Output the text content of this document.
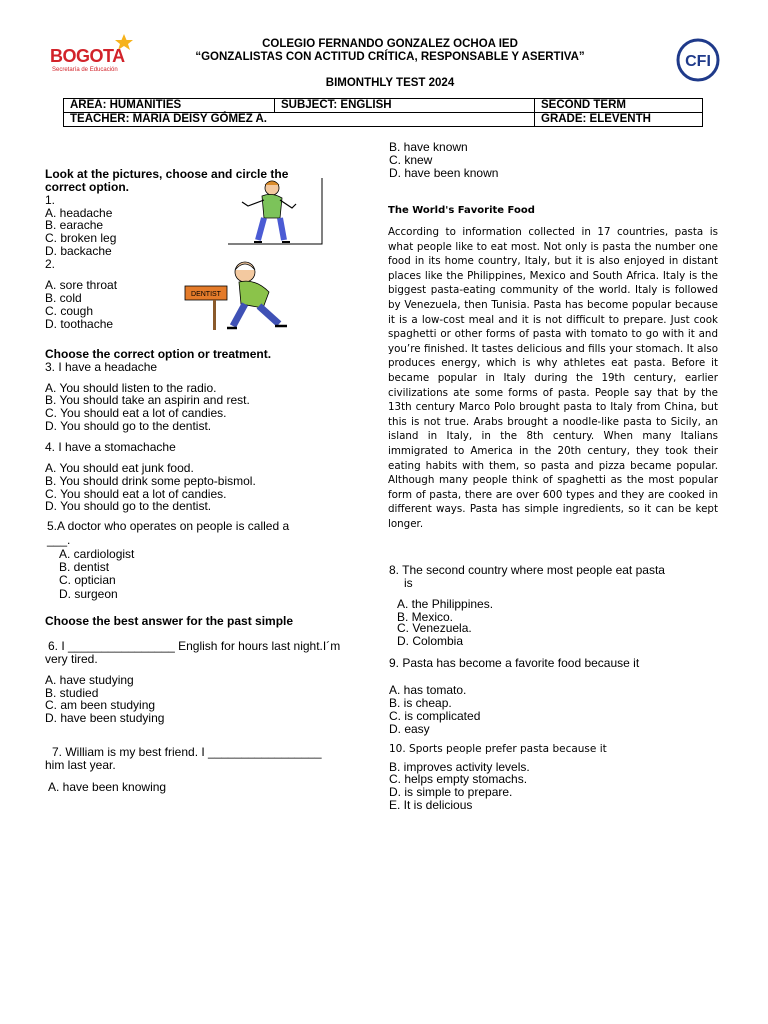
BOGOTA
Secretaría de Educación	CFI
COLEGIO FERNANDO GONZALEZ OCHOA IED
“GONZALISTAS CON ACTITUD CRÍTICA, RESPONSABLE Y ASERTIVA”
BIMONTHLY TEST 2024
AREA: HUMANITIES	SUBJECT: ENGLISH	SECOND TERM
TEACHER: MARIA DEISY GÓMEZ A.		GRADE: ELEVENTH
Look at the pictures, choose and circle the
correct option.
1.
A. headache
B. earache
C. broken leg
D. backache
2.
A. sore throat
B. cold
C. cough
D. toothache
DENTIST
Choose the correct option or treatment.
3. I have a headache
A. You should listen to the radio.
B. You should take an aspirin and rest.
C. You should eat a lot of candies.
D. You should go to the dentist.
4. I have a stomachache
A. You should eat junk food.
B. You should drink some pepto-bismol.
C. You should eat a lot of candies.
D. You should go to the dentist.
5.A doctor who operates on people is called a
___.
A. cardiologist
B. dentist
C. optician
D. surgeon
Choose the best answer for the past simple
6. I ________________ English for hours last night.I´m
very tired.
A. have studying
B. studied
C. am been studying
D. have been studying
7. William is my best friend. I _________________
him last year.
A. have been knowing
B. have known
C. knew
D. have been known
The World's Favorite Food
According to information collected in 17 countries, pasta is what people like to eat most. Not only is pasta the number one food in its home country, Italy, but it is also enjoyed in distant places like the Philippines, Mexico and South Africa. Italy is the biggest pasta-eating community of the world. Italy is followed by Venezuela, then Tunisia. Pasta has become popular because it is a low-cost meal and it is not difficult to prepare. Just cook spaghetti or other forms of pasta with tomato to go with it and you’re finished. It tastes delicious and fills your stomach. It also produces energy, which is why athletes eat pasta. Before it became popular in Italy during the 19th century, earlier civilizations ate some forms of pasta. People say that by the 13th century Marco Polo brought pasta to Italy from China, but this is not true. Arabs brought a noodle-like pasta to Sicily, an island in Italy, in the 8th century. When many Italians immigrated to America in the 20th century, they took their eating habits with them, so pasta and pizza became popular. Although many people think of spaghetti as the most popular form of pasta, there are over 600 types and they are cooked in different ways. Pasta has simple ingredients, so it can be kept longer.
8. The second country where most people eat pasta
is
A. the Philippines.
B. Mexico.
C. Venezuela.
D. Colombia
9. Pasta has become a favorite food because it
A. has tomato.
B. is cheap.
C. is complicated
D. easy
10. Sports people prefer pasta because it
B. improves activity levels.
C. helps empty stomachs.
D. is simple to prepare.
E. It is delicious
